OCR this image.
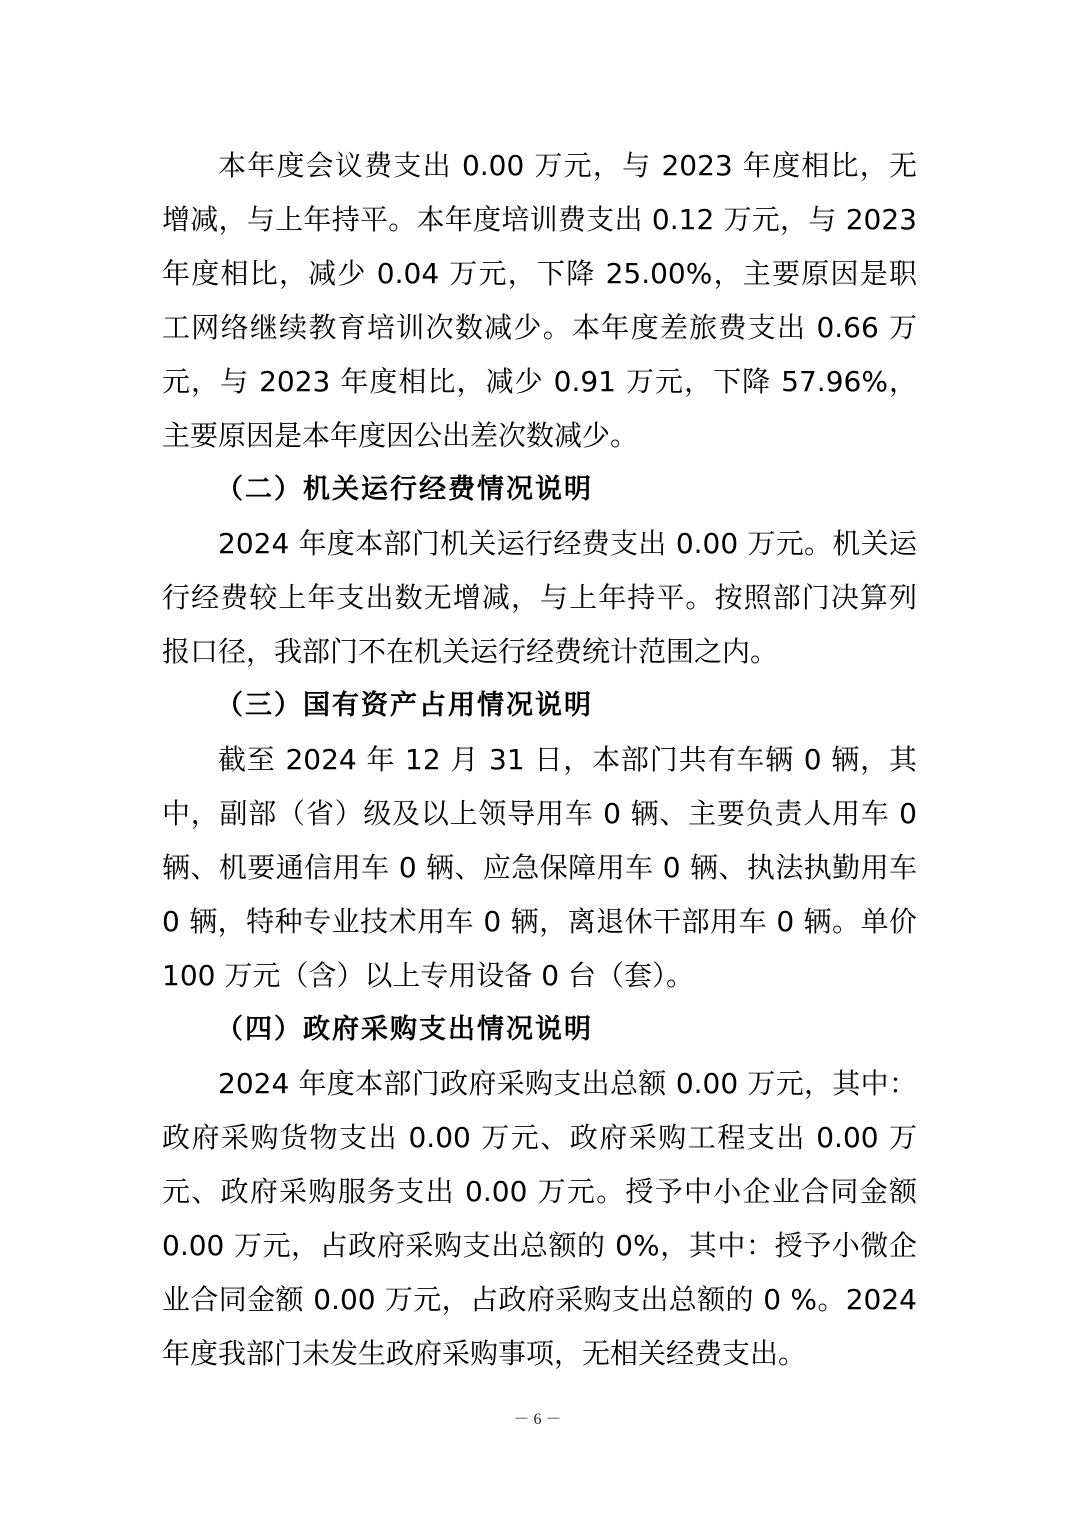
本年度会议费支出 0.00 万元，与 2023 年度相比，无增减，与上年持平。本年度培训费支出 0.12 万元，与 2023 年度相比，减少 0.04 万元，下降 25.00%，主要原因是职工网络继续教育培训次数减少。本年度差旅费支出 0.66 万元，与 2023 年度相比，减少 0.91 万元，下降 57.96%，主要原因是本年度因公出差次数减少。

（二）机关运行经费情况说明

2024 年度本部门机关运行经费支出 0.00 万元。机关运行经费较上年支出数无增减，与上年持平。按照部门决算列报口径，我部门不在机关运行经费统计范围之内。

（三）国有资产占用情况说明

截至 2024 年 12 月 31 日，本部门共有车辆 0 辆，其中，副部（省）级及以上领导用车 0 辆、主要负责人用车 0 辆、机要通信用车 0 辆、应急保障用车 0 辆、执法执勤用车 0 辆，特种专业技术用车 0 辆，离退休干部用车 0 辆。单价 100 万元（含）以上专用设备 0 台（套）。

（四）政府采购支出情况说明

2024 年度本部门政府采购支出总额 0.00 万元，其中：政府采购货物支出 0.00 万元、政府采购工程支出 0.00 万元、政府采购服务支出 0.00 万元。授予中小企业合同金额 0.00 万元，占政府采购支出总额的 0%，其中：授予小微企业合同金额 0.00 万元，占政府采购支出总额的 0 %。2024 年度我部门未发生政府采购事项，无相关经费支出。

－ 6 －
